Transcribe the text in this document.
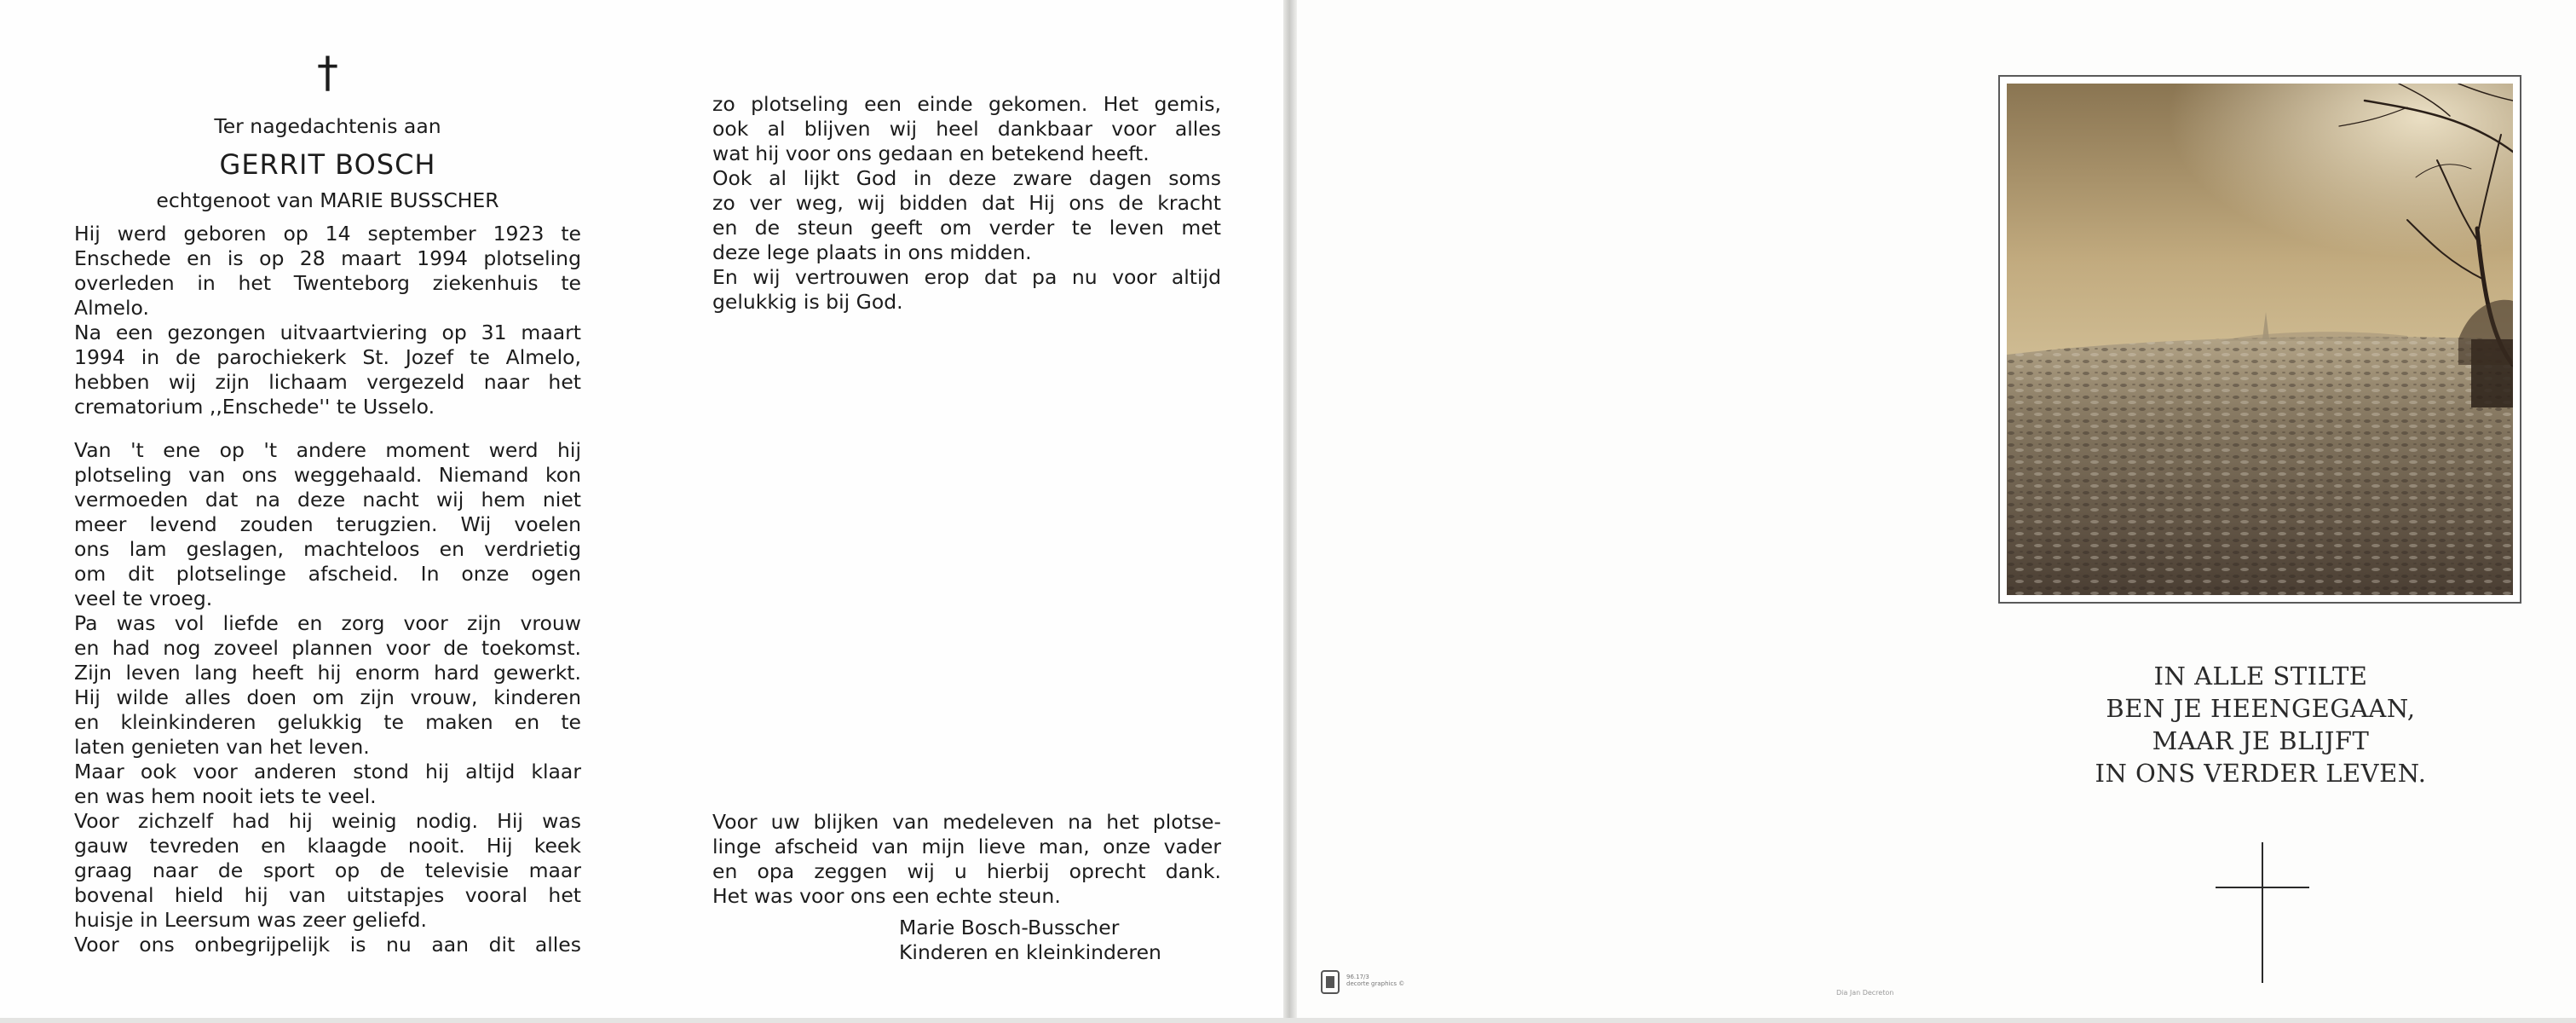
†

Ter nagedachtenis aan

GERRIT BOSCH

echtgenoot van MARIE BUSSCHER

Hij werd geboren op 14 september 1923 te

Enschede en is op 28 maart 1994 plotseling

overleden in het Twenteborg ziekenhuis te

Almelo.

Na een gezongen uitvaartviering op 31 maart

1994 in de parochiekerk St. Jozef te Almelo,

hebben wij zijn lichaam vergezeld naar het

crematorium ,,Enschede'' te Usselo.

Van 't ene op 't andere moment werd hij

plotseling van ons weggehaald. Niemand kon

vermoeden dat na deze nacht wij hem niet

meer levend zouden terugzien. Wij voelen

ons lam geslagen, machteloos en verdrietig

om dit plotselinge afscheid. In onze ogen

veel te vroeg.

Pa was vol liefde en zorg voor zijn vrouw

en had nog zoveel plannen voor de toekomst.

Zijn leven lang heeft hij enorm hard gewerkt.

Hij wilde alles doen om zijn vrouw, kinderen

en kleinkinderen gelukkig te maken en te

laten genieten van het leven.

Maar ook voor anderen stond hij altijd klaar

en was hem nooit iets te veel.

Voor zichzelf had hij weinig nodig. Hij was

gauw tevreden en klaagde nooit. Hij keek

graag naar de sport op de televisie maar

bovenal hield hij van uitstapjes vooral het

huisje in Leersum was zeer geliefd.

Voor ons onbegrijpelijk is nu aan dit alles

zo plotseling een einde gekomen. Het gemis,

ook al blijven wij heel dankbaar voor alles

wat hij voor ons gedaan en betekend heeft.

Ook al lijkt God in deze zware dagen soms

zo ver weg, wij bidden dat Hij ons de kracht

en de steun geeft om verder te leven met

deze lege plaats in ons midden.

En wij vertrouwen erop dat pa nu voor altijd

gelukkig is bij God.

Voor uw blijken van medeleven na het plotse-

linge afscheid van mijn lieve man, onze vader

en opa zeggen wij u hierbij oprecht dank.

Het was voor ons een echte steun.

Marie Bosch-Busscher

Kinderen en kleinkinderen

IN ALLE STILTE
BEN JE HEENGEGAAN,
MAAR JE BLIJFT
IN ONS VERDER LEVEN.
96.17/3
decorte graphics ©
Dia Jan Decreton
